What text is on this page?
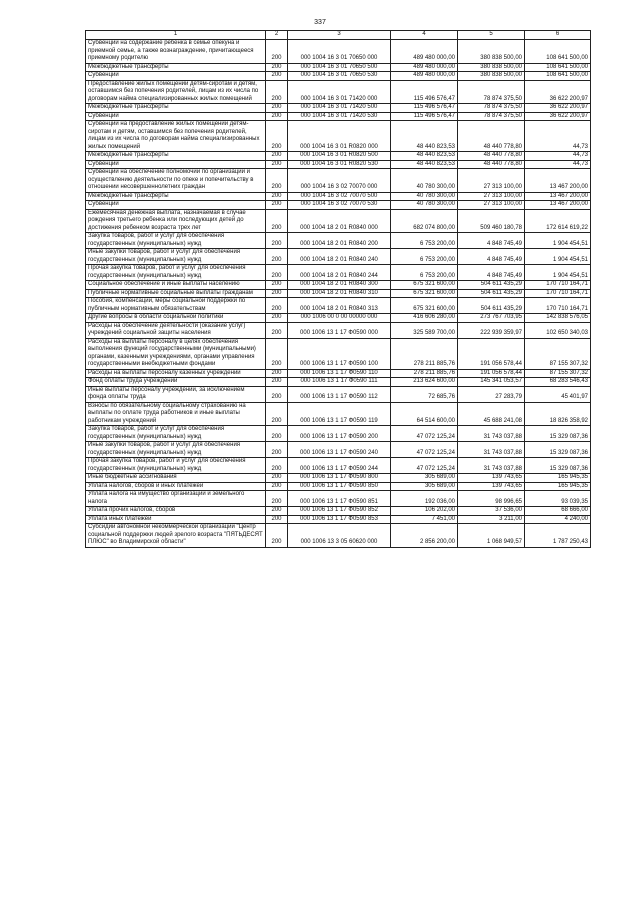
337
1	2	3	4	5	6
Субвенции на содержание ребенка в семье опекуна и приемной семье, а также вознаграждение, причитающееся приемному родителю	200	000 1004 16 3 01 70650 000	489 480 000,00	380 838 500,00	108 641 500,00
Межбюджетные трансферты	200	000 1004 16 3 01 70650 500	489 480 000,00	380 838 500,00	108 641 500,00
Субвенции	200	000 1004 16 3 01 70650 530	489 480 000,00	380 838 500,00	108 641 500,00
Предоставление жилых помещений детям-сиротам и детям, оставшимся без попечения родителей, лицам из их числа по договорам найма специализированных жилых помещений	200	000 1004 16 3 01 71420 000	115 496 576,47	78 874 375,50	36 622 200,97
Межбюджетные трансферты	200	000 1004 16 3 01 71420 500	115 496 576,47	78 874 375,50	36 622 200,97
Субвенции	200	000 1004 16 3 01 71420 530	115 496 576,47	78 874 375,50	36 622 200,97
Субвенции на предоставление жилых помещений детям-сиротам и детям, оставшимся без попечения родителей, лицам из их числа по договорам найма специализированных жилых помещений	200	000 1004 16 3 01 R0820 000	48 440 823,53	48 440 778,80	44,73
Межбюджетные трансферты	200	000 1004 16 3 01 R0820 500	48 440 823,53	48 440 778,80	44,73
Субвенции	200	000 1004 16 3 01 R0820 530	48 440 823,53	48 440 778,80	44,73
Субвенции на обеспечение полномочий по организации и осуществлению деятельности по опеке и попечительству в отношении несовершеннолетних граждан	200	000 1004 16 3 02 70070 000	40 780 300,00	27 313 100,00	13 467 200,00
Межбюджетные трансферты	200	000 1004 16 3 02 70070 500	40 780 300,00	27 313 100,00	13 467 200,00
Субвенции	200	000 1004 16 3 02 70070 530	40 780 300,00	27 313 100,00	13 467 200,00
Ежемесячная денежная выплата, назначаемая в случае рождения третьего ребенка или последующих детей до достижения ребенком возраста трех лет	200	000 1004 18 2 01 R0840 000	682 074 800,00	509 460 180,78	172 614 619,22
Закупка товаров, работ и услуг для обеспечения государственных (муниципальных) нужд	200	000 1004 18 2 01 R0840 200	6 753 200,00	4 848 745,49	1 904 454,51
Иные закупки товаров, работ и услуг для обеспечения государственных (муниципальных) нужд	200	000 1004 18 2 01 R0840 240	6 753 200,00	4 848 745,49	1 904 454,51
Прочая закупка товаров, работ и услуг для обеспечения государственных (муниципальных) нужд	200	000 1004 18 2 01 R0840 244	6 753 200,00	4 848 745,49	1 904 454,51
Социальное обеспечение и иные выплаты населению	200	000 1004 18 2 01 R0840 300	675 321 600,00	504 611 435,29	170 710 164,71
Публичные нормативные социальные выплаты гражданам	200	000 1004 18 2 01 R0840 310	675 321 600,00	504 611 435,29	170 710 164,71
Пособия, компенсации, меры социальной поддержки по публичным нормативным обязательствам	200	000 1004 18 2 01 R0840 313	675 321 600,00	504 611 435,29	170 710 164,71
Другие вопросы в области социальной политики	200	000 1006 00 0 00 00000 000	416 606 280,00	273 767 703,95	142 838 576,05
Расходы на обеспечение деятельности (оказание услуг) учреждений социальной защиты населения	200	000 1006 13 1 17 Ф0590 000	325 589 700,00	222 939 359,97	102 650 340,03
Расходы на выплаты персоналу в целях обеспечения выполнения функций государственными (муниципальными) органами, казенными учреждениями, органами управления государственными внебюджетными фондами	200	000 1006 13 1 17 Ф0590 100	278 211 885,76	191 056 578,44	87 155 307,32
Расходы на выплаты персоналу казенных учреждений	200	000 1006 13 1 17 Ф0590 110	278 211 885,76	191 056 578,44	87 155 307,32
Фонд оплаты труда учреждений	200	000 1006 13 1 17 Ф0590 111	213 624 600,00	145 341 053,57	68 283 546,43
Иные выплаты персоналу учреждений, за исключением фонда оплаты труда	200	000 1006 13 1 17 Ф0590 112	72 685,76	27 283,79	45 401,97
Взносы по обязательному социальному страхованию на выплаты по оплате труда работников и иные выплаты работникам учреждений	200	000 1006 13 1 17 Ф0590 119	64 514 600,00	45 688 241,08	18 826 358,92
Закупка товаров, работ и услуг для обеспечения государственных (муниципальных) нужд	200	000 1006 13 1 17 Ф0590 200	47 072 125,24	31 743 037,88	15 329 087,36
Иные закупки товаров, работ и услуг для обеспечения государственных (муниципальных) нужд	200	000 1006 13 1 17 Ф0590 240	47 072 125,24	31 743 037,88	15 329 087,36
Прочая закупка товаров, работ и услуг для обеспечения государственных (муниципальных) нужд	200	000 1006 13 1 17 Ф0590 244	47 072 125,24	31 743 037,88	15 329 087,36
Иные бюджетные ассигнования	200	000 1006 13 1 17 Ф0590 800	305 689,00	139 743,65	165 945,35
Уплата налогов, сборов и иных платежей	200	000 1006 13 1 17 Ф0590 850	305 689,00	139 743,65	165 945,35
Уплата налога на имущество организаций и земельного налога	200	000 1006 13 1 17 Ф0590 851	192 036,00	98 996,65	93 039,35
Уплата прочих налогов, сборов	200	000 1006 13 1 17 Ф0590 852	106 202,00	37 536,00	68 666,00
Уплата иных платежей	200	000 1006 13 1 17 Ф0590 853	7 451,00	3 211,00	4 240,00
Субсидии автономной некоммерческой организации "Центр социальной поддержки людей зрелого возраста "ПЯТЬДЕСЯТ ПЛЮС" во Владимирской области"	200	000 1006 13 3 05 60620 000	2 856 200,00	1 068 949,57	1 787 250,43
